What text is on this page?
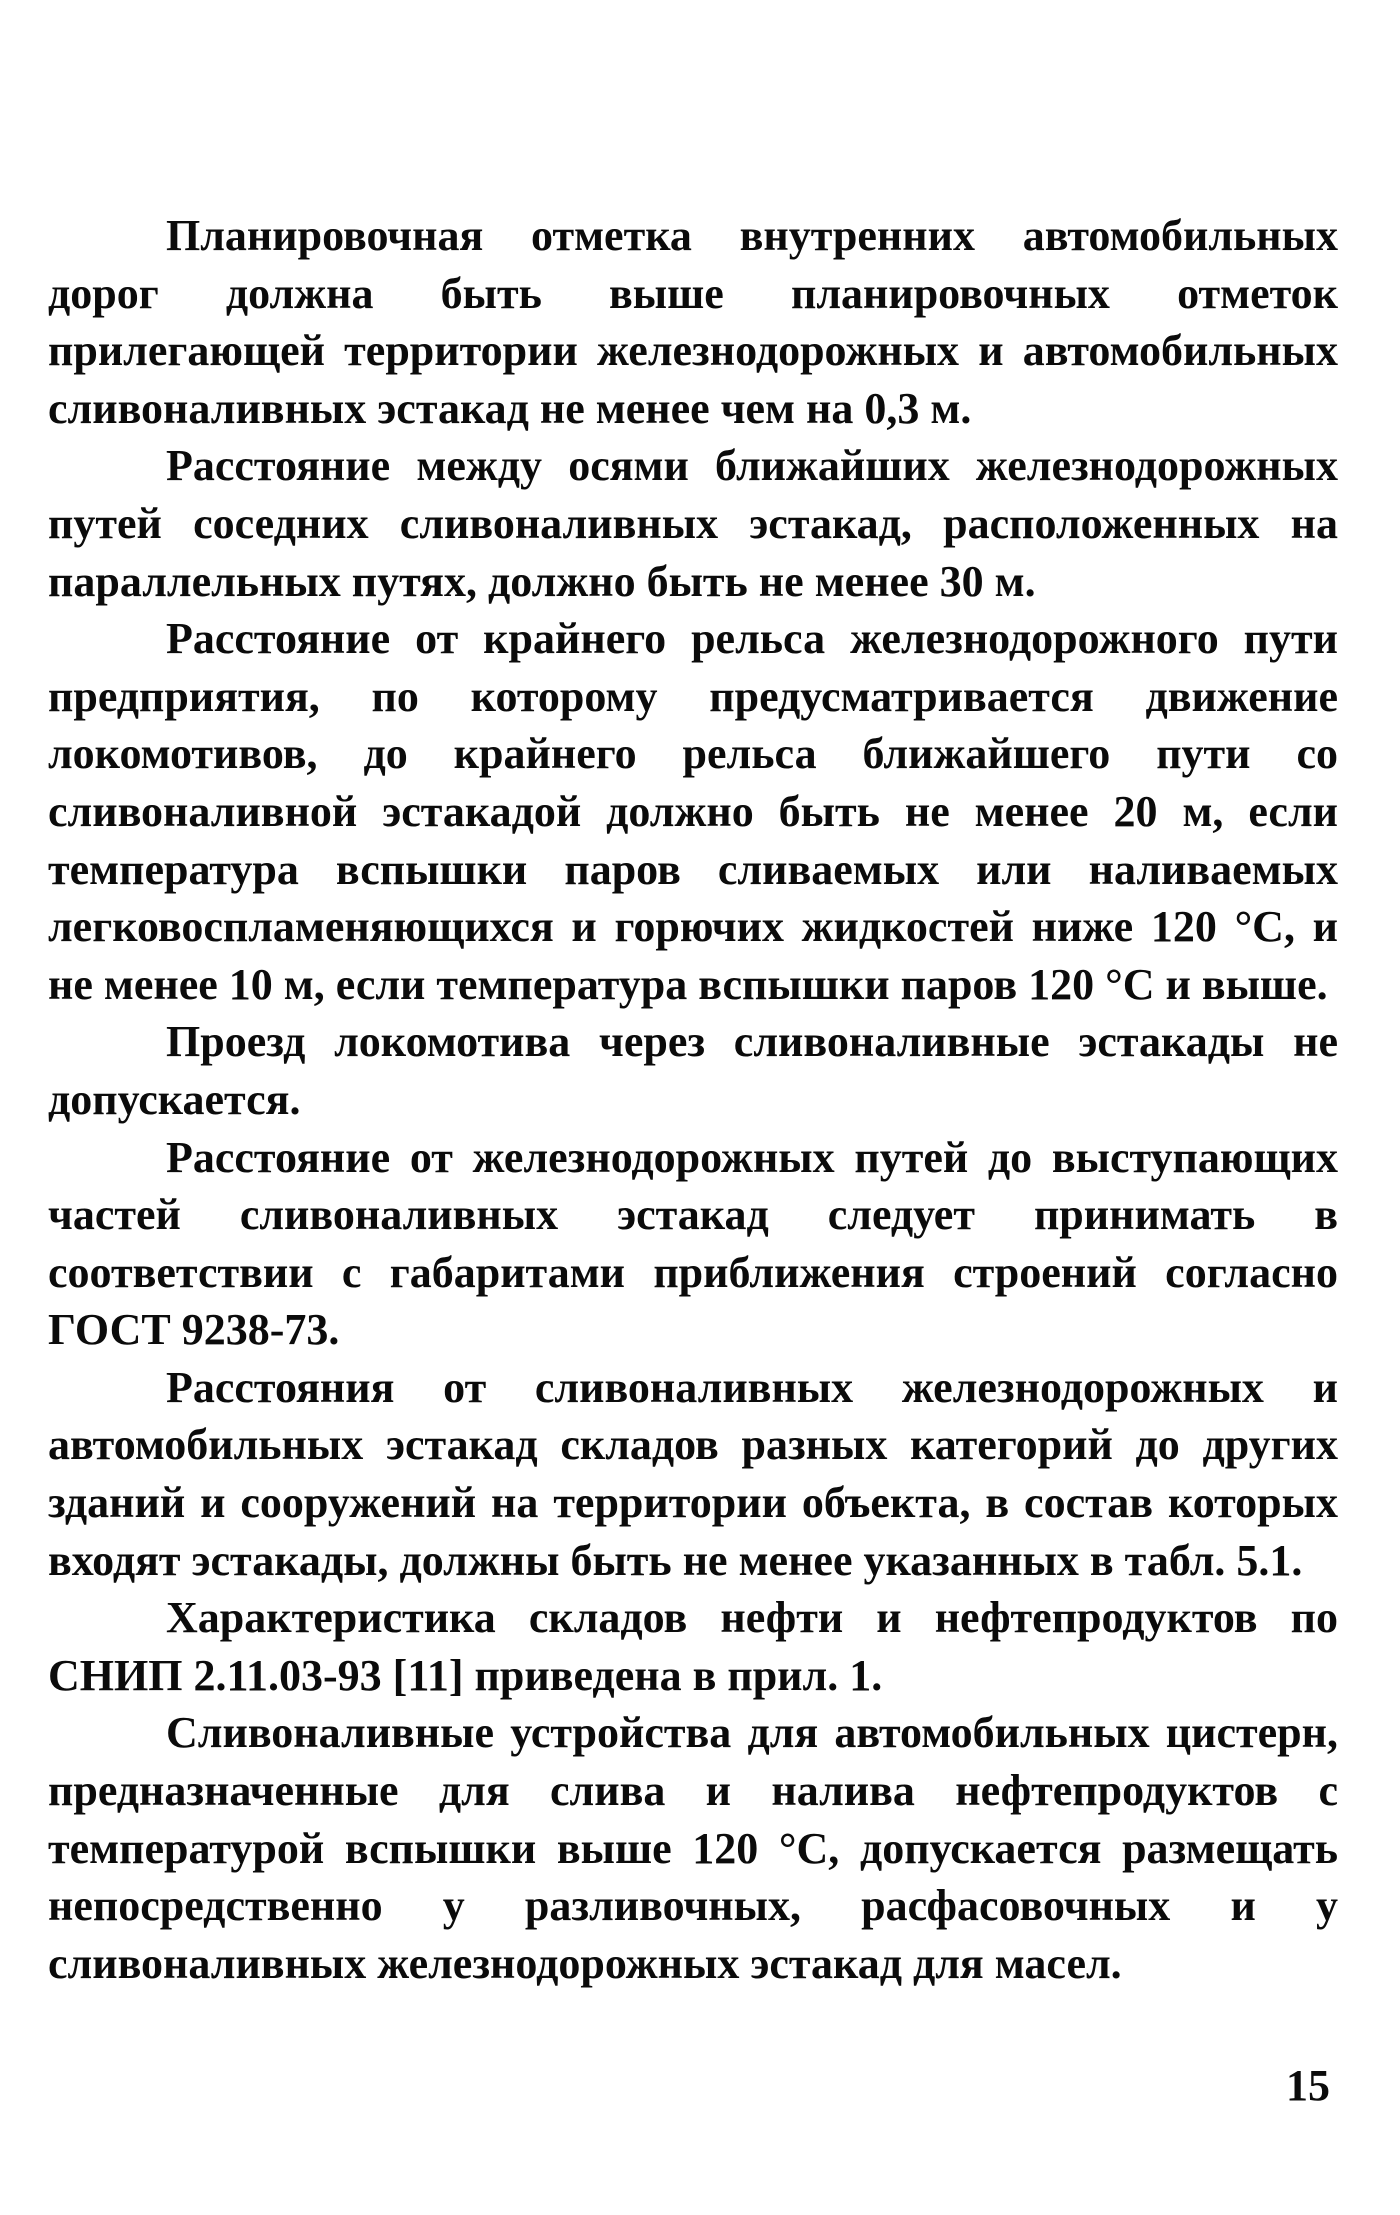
Планировочная отметка внутренних автомобильных дорог должна быть выше планировочных отметок прилегающей территории железнодорожных и автомобильных сливоналивных эстакад не менее чем на 0,3 м.

Расстояние между осями ближайших железнодорожных путей соседних сливоналивных эстакад, расположенных на параллельных путях, должно быть не менее 30 м.

Расстояние от крайнего рельса железнодорожного пути предприятия, по которому предусматривается движение локомотивов, до крайнего рельса ближайшего пути со сливоналивной эстакадой должно быть не менее 20 м, если температура вспышки паров сливаемых или наливаемых легковоспламеняющихся и горючих жидкостей ниже 120 °С, и не менее 10 м, если температура вспышки паров 120 °С и выше.

Проезд локомотива через сливоналивные эстакады не допускается.

Расстояние от железнодорожных путей до выступающих частей сливоналивных эстакад следует принимать в соответствии с габаритами приближения строений согласно ГОСТ 9238-73.

Расстояния от сливоналивных железнодорожных и автомобильных эстакад складов разных категорий до других зданий и сооружений на территории объекта, в состав которых входят эстакады, должны быть не менее указанных в табл. 5.1.

Характеристика складов нефти и нефтепродуктов по СНИП 2.11.03-93 [11] приведена в прил. 1.

Сливоналивные устройства для автомобильных цистерн, предназначенные для слива и налива нефтепродуктов с температурой вспышки выше 120 °С, допускается размещать непосредственно у разливочных, расфасовочных и у сливоналивных железнодорожных эстакад для масел.

15
